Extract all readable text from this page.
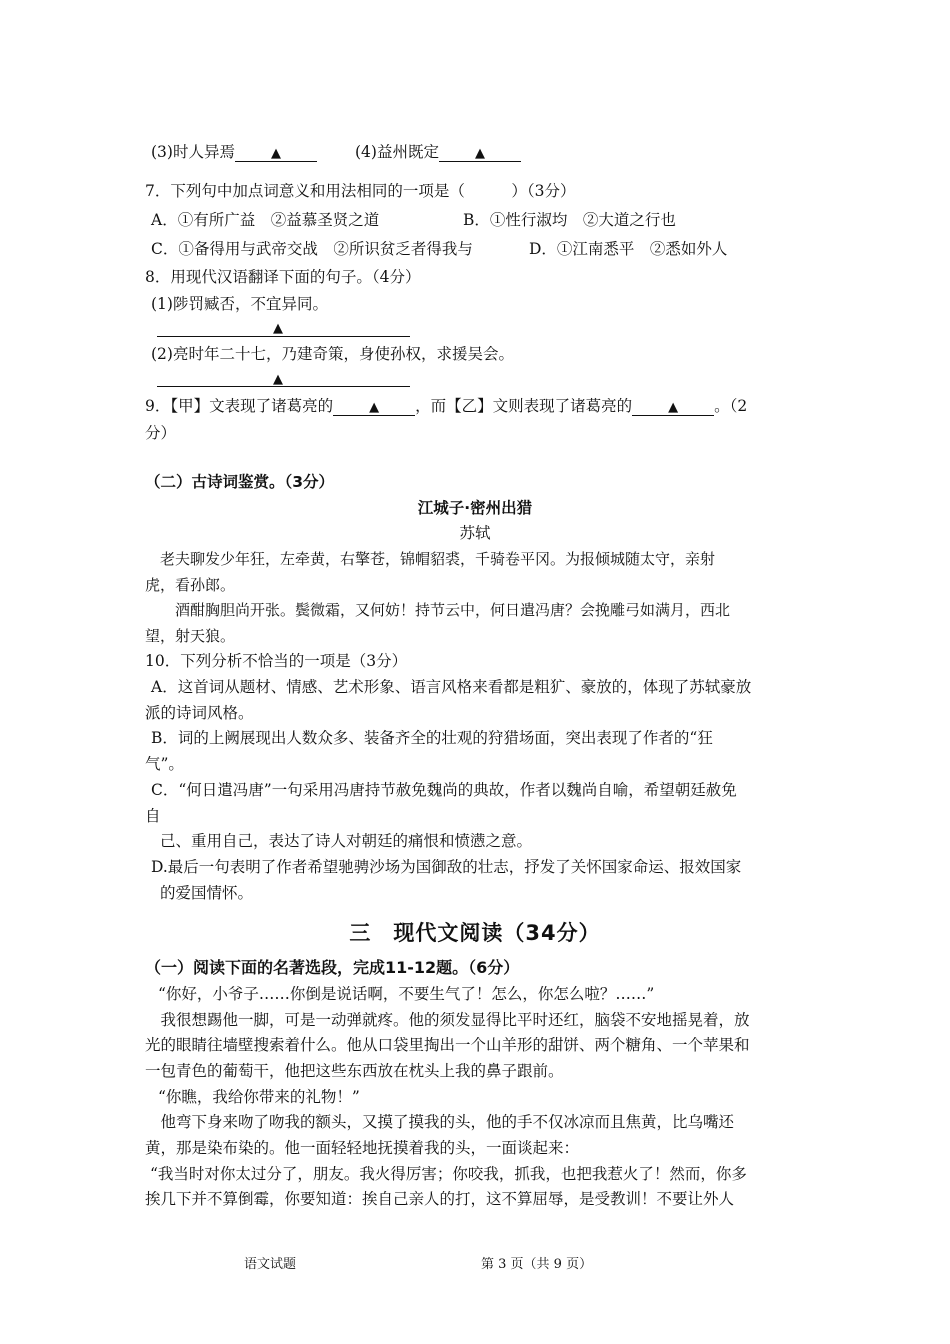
(3)时人异焉	▲	(4)益州既定	▲
7．下列句中加点词意义和用法相同的一项是（　　　）（3分）
A．①有所广益　②益慕圣贤之道	B．①性行淑均　②大道之行也
C．①备得用与武帝交战　②所识贫乏者得我与	D．①江南悉平　②悉如外人
8．用现代汉语翻译下面的句子。（4分）
(1)陟罚臧否，不宜异同。
▲
(2)亮时年二十七，乃建奇策，身使孙权，求援吴会。
▲
9．【甲】文表现了诸葛亮的	▲ ，而【乙】文则表现了诸葛亮的	▲ 。（2
分）
（二）古诗词鉴赏。（3分）
江城子·密州出猎
苏轼
　老夫聊发少年狂，左牵黄，右擎苍，锦帽貂裘，千骑卷平冈。为报倾城随太守，亲射
虎，看孙郎。
　　酒酣胸胆尚开张。鬓微霜，又何妨！持节云中，何日遣冯唐？会挽雕弓如满月，西北
望，射天狼。
10．下列分析不恰当的一项是（3分）
A．这首词从题材、情感、艺术形象、语言风格来看都是粗犷、豪放的，体现了苏轼豪放
派的诗词风格。
B．词的上阙展现出人数众多、装备齐全的壮观的狩猎场面，突出表现了作者的“狂
气”。
C．“何日遣冯唐”一句采用冯唐持节赦免魏尚的典故，作者以魏尚自喻，希望朝廷赦免
自
己、重用自己，表达了诗人对朝廷的痛恨和愤懑之意。
D.最后一句表明了作者希望驰骋沙场为国御敌的壮志，抒发了关怀国家命运、报效国家
的爱国情怀。
三　现代文阅读（34分）
（一）阅读下面的名著选段，完成11-12题。（6分）
“你好，小爷子……你倒是说话啊，不要生气了！怎么，你怎么啦？……”
　我很想踢他一脚，可是一动弹就疼。他的须发显得比平时还红，脑袋不安地摇晃着，放
光的眼睛往墙壁搜索着什么。他从口袋里掏出一个山羊形的甜饼、两个糖角、一个苹果和
一包青色的葡萄干，他把这些东西放在枕头上我的鼻子跟前。
“你瞧，我给你带来的礼物！”
　他弯下身来吻了吻我的额头，又摸了摸我的头，他的手不仅冰凉而且焦黄，比乌嘴还
黄，那是染布染的。他一面轻轻地抚摸着我的头，一面谈起来：
“我当时对你太过分了，朋友。我火得厉害；你咬我，抓我，也把我惹火了！然而，你多
挨几下并不算倒霉，你要知道：挨自己亲人的打，这不算屈辱，是受教训！不要让外人
语文试题	第 3 页（共 9 页）
